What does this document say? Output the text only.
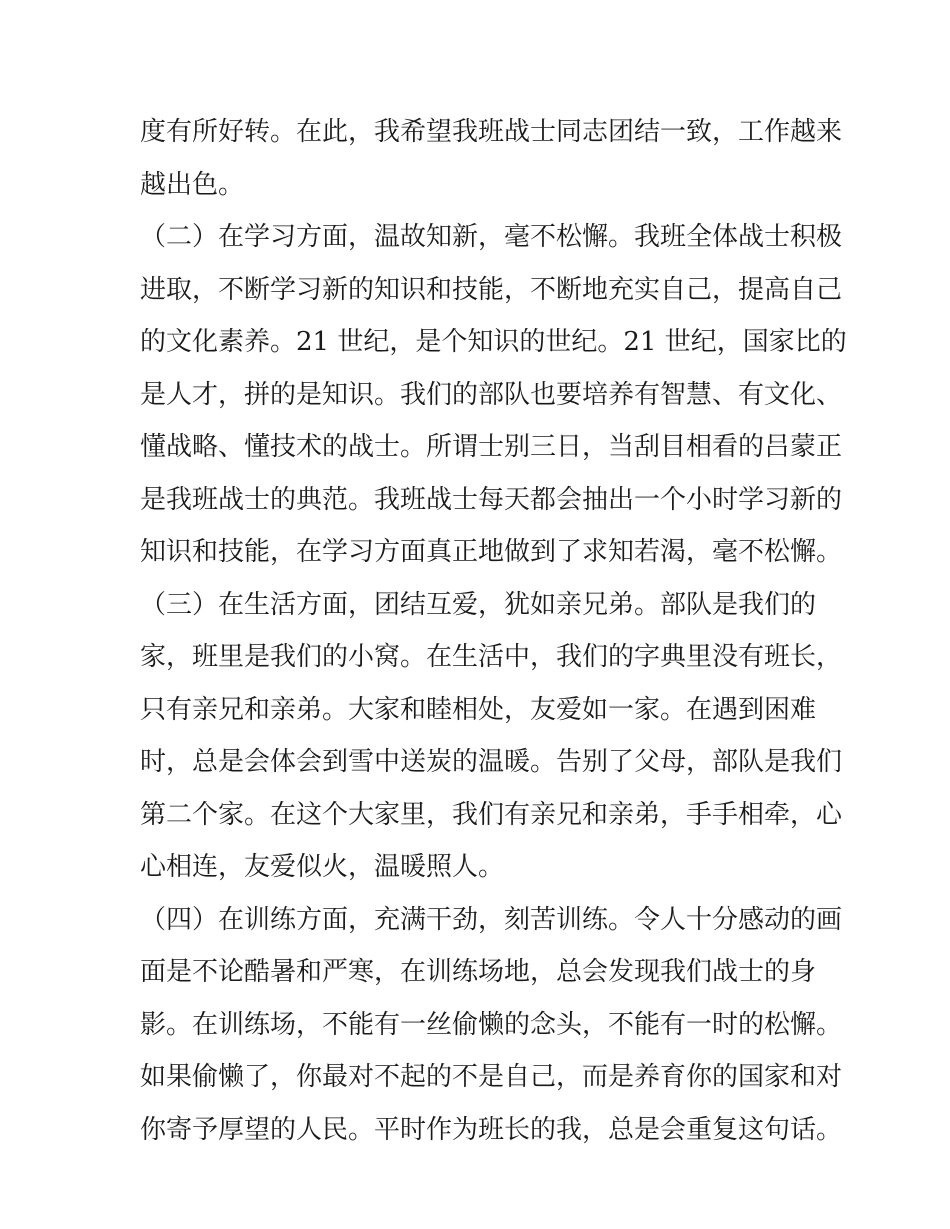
度有所好转。在此，我希望我班战士同志团结一致，工作越来
越出色。
（二）在学习方面，温故知新，毫不松懈。我班全体战士积极
进取，不断学习新的知识和技能，不断地充实自己，提高自己
的文化素养。21 世纪，是个知识的世纪。21 世纪，国家比的
是人才，拼的是知识。我们的部队也要培养有智慧、有文化、
懂战略、懂技术的战士。所谓士别三日，当刮目相看的吕蒙正
是我班战士的典范。我班战士每天都会抽出一个小时学习新的
知识和技能，在学习方面真正地做到了求知若渴，毫不松懈。
（三）在生活方面，团结互爱，犹如亲兄弟。部队是我们的
家，班里是我们的小窝。在生活中，我们的字典里没有班长，
只有亲兄和亲弟。大家和睦相处，友爱如一家。在遇到困难
时，总是会体会到雪中送炭的温暖。告别了父母，部队是我们
第二个家。在这个大家里，我们有亲兄和亲弟，手手相牵，心
心相连，友爱似火，温暖照人。
（四）在训练方面，充满干劲，刻苦训练。令人十分感动的画
面是不论酷暑和严寒，在训练场地，总会发现我们战士的身
影。在训练场，不能有一丝偷懒的念头，不能有一时的松懈。
如果偷懒了，你最对不起的不是自己，而是养育你的国家和对
你寄予厚望的人民。平时作为班长的我，总是会重复这句话。
